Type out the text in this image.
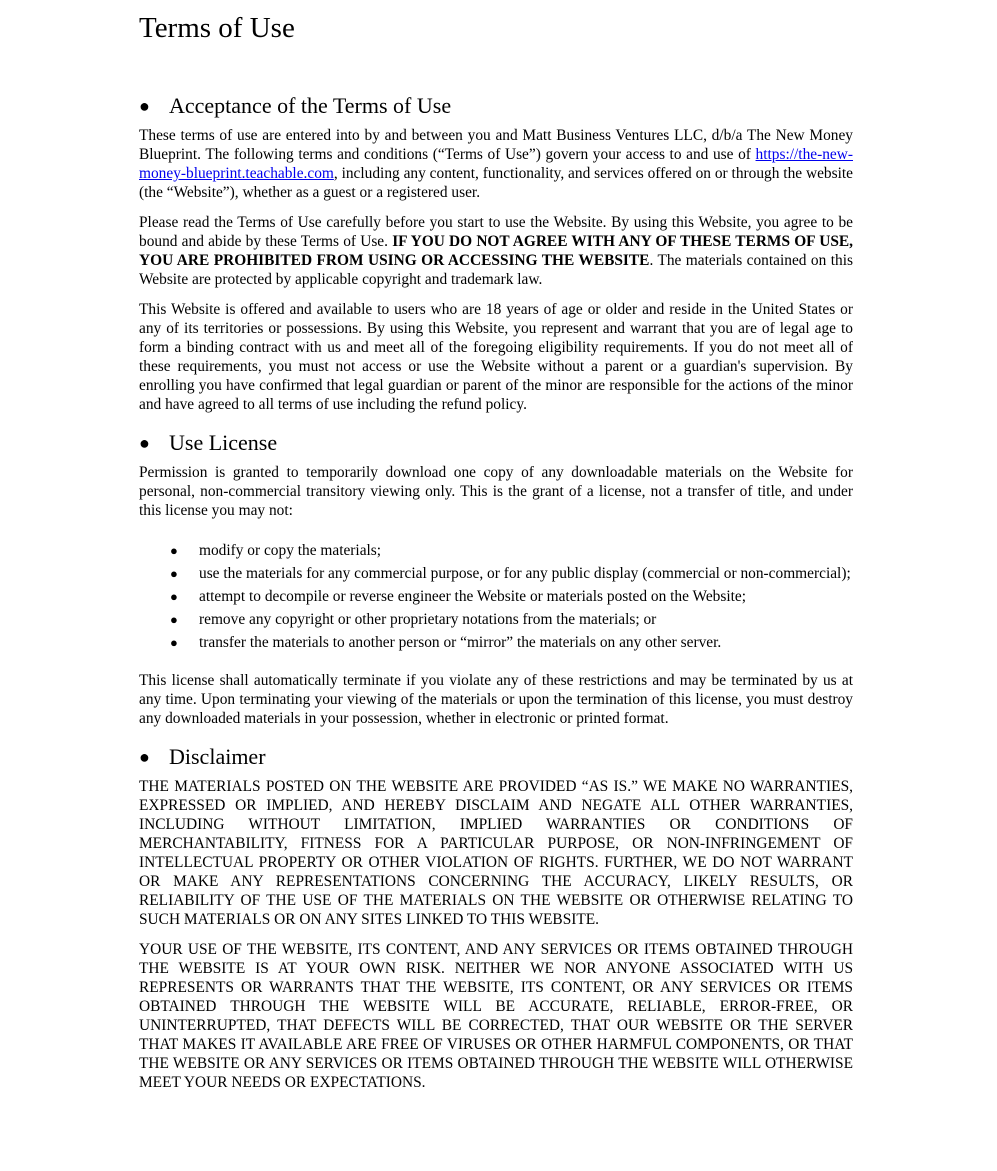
Terms of Use
● Acceptance of the Terms of Use

These terms of use are entered into by and between you and Matt Business Ventures LLC, d/b/a The New Money Blueprint. The following terms and conditions (“Terms of Use”) govern your access to and use of https://the-new-money-blueprint.teachable.com, including any content, functionality, and services offered on or through the website (the “Website”), whether as a guest or a registered user.

Please read the Terms of Use carefully before you start to use the Website. By using this Website, you agree to be bound and abide by these Terms of Use. IF YOU DO NOT AGREE WITH ANY OF THESE TERMS OF USE, YOU ARE PROHIBITED FROM USING OR ACCESSING THE WEBSITE. The materials contained on this Website are protected by applicable copyright and trademark law.

This Website is offered and available to users who are 18 years of age or older and reside in the United States or any of its territories or possessions. By using this Website, you represent and warrant that you are of legal age to form a binding contract with us and meet all of the foregoing eligibility requirements. If you do not meet all of these requirements, you must not access or use the Website without a parent or a guardian's supervision. By enrolling you have confirmed that legal guardian or parent of the minor are responsible for the actions of the minor and have agreed to all terms of use including the refund policy.

● Use License

Permission is granted to temporarily download one copy of any downloadable materials on the Website for personal, non-commercial transitory viewing only. This is the grant of a license, not a transfer of title, and under this license you may not:

● modify or copy the materials;
● use the materials for any commercial purpose, or for any public display (commercial or non-commercial);
● attempt to decompile or reverse engineer the Website or materials posted on the Website;
● remove any copyright or other proprietary notations from the materials; or
● transfer the materials to another person or “mirror” the materials on any other server.

This license shall automatically terminate if you violate any of these restrictions and may be terminated by us at any time. Upon terminating your viewing of the materials or upon the termination of this license, you must destroy any downloaded materials in your possession, whether in electronic or printed format.

● Disclaimer

THE MATERIALS POSTED ON THE WEBSITE ARE PROVIDED “AS IS.” WE MAKE NO WARRANTIES, EXPRESSED OR IMPLIED, AND HEREBY DISCLAIM AND NEGATE ALL OTHER WARRANTIES, INCLUDING WITHOUT LIMITATION, IMPLIED WARRANTIES OR CONDITIONS OF MERCHANTABILITY, FITNESS FOR A PARTICULAR PURPOSE, OR NON-INFRINGEMENT OF INTELLECTUAL PROPERTY OR OTHER VIOLATION OF RIGHTS. FURTHER, WE DO NOT WARRANT OR MAKE ANY REPRESENTATIONS CONCERNING THE ACCURACY, LIKELY RESULTS, OR RELIABILITY OF THE USE OF THE MATERIALS ON THE WEBSITE OR OTHERWISE RELATING TO SUCH MATERIALS OR ON ANY SITES LINKED TO THIS WEBSITE.

YOUR USE OF THE WEBSITE, ITS CONTENT, AND ANY SERVICES OR ITEMS OBTAINED THROUGH THE WEBSITE IS AT YOUR OWN RISK. NEITHER WE NOR ANYONE ASSOCIATED WITH US REPRESENTS OR WARRANTS THAT THE WEBSITE, ITS CONTENT, OR ANY SERVICES OR ITEMS OBTAINED THROUGH THE WEBSITE WILL BE ACCURATE, RELIABLE, ERROR-FREE, OR UNINTERRUPTED, THAT DEFECTS WILL BE CORRECTED, THAT OUR WEBSITE OR THE SERVER THAT MAKES IT AVAILABLE ARE FREE OF VIRUSES OR OTHER HARMFUL COMPONENTS, OR THAT THE WEBSITE OR ANY SERVICES OR ITEMS OBTAINED THROUGH THE WEBSITE WILL OTHERWISE MEET YOUR NEEDS OR EXPECTATIONS.
